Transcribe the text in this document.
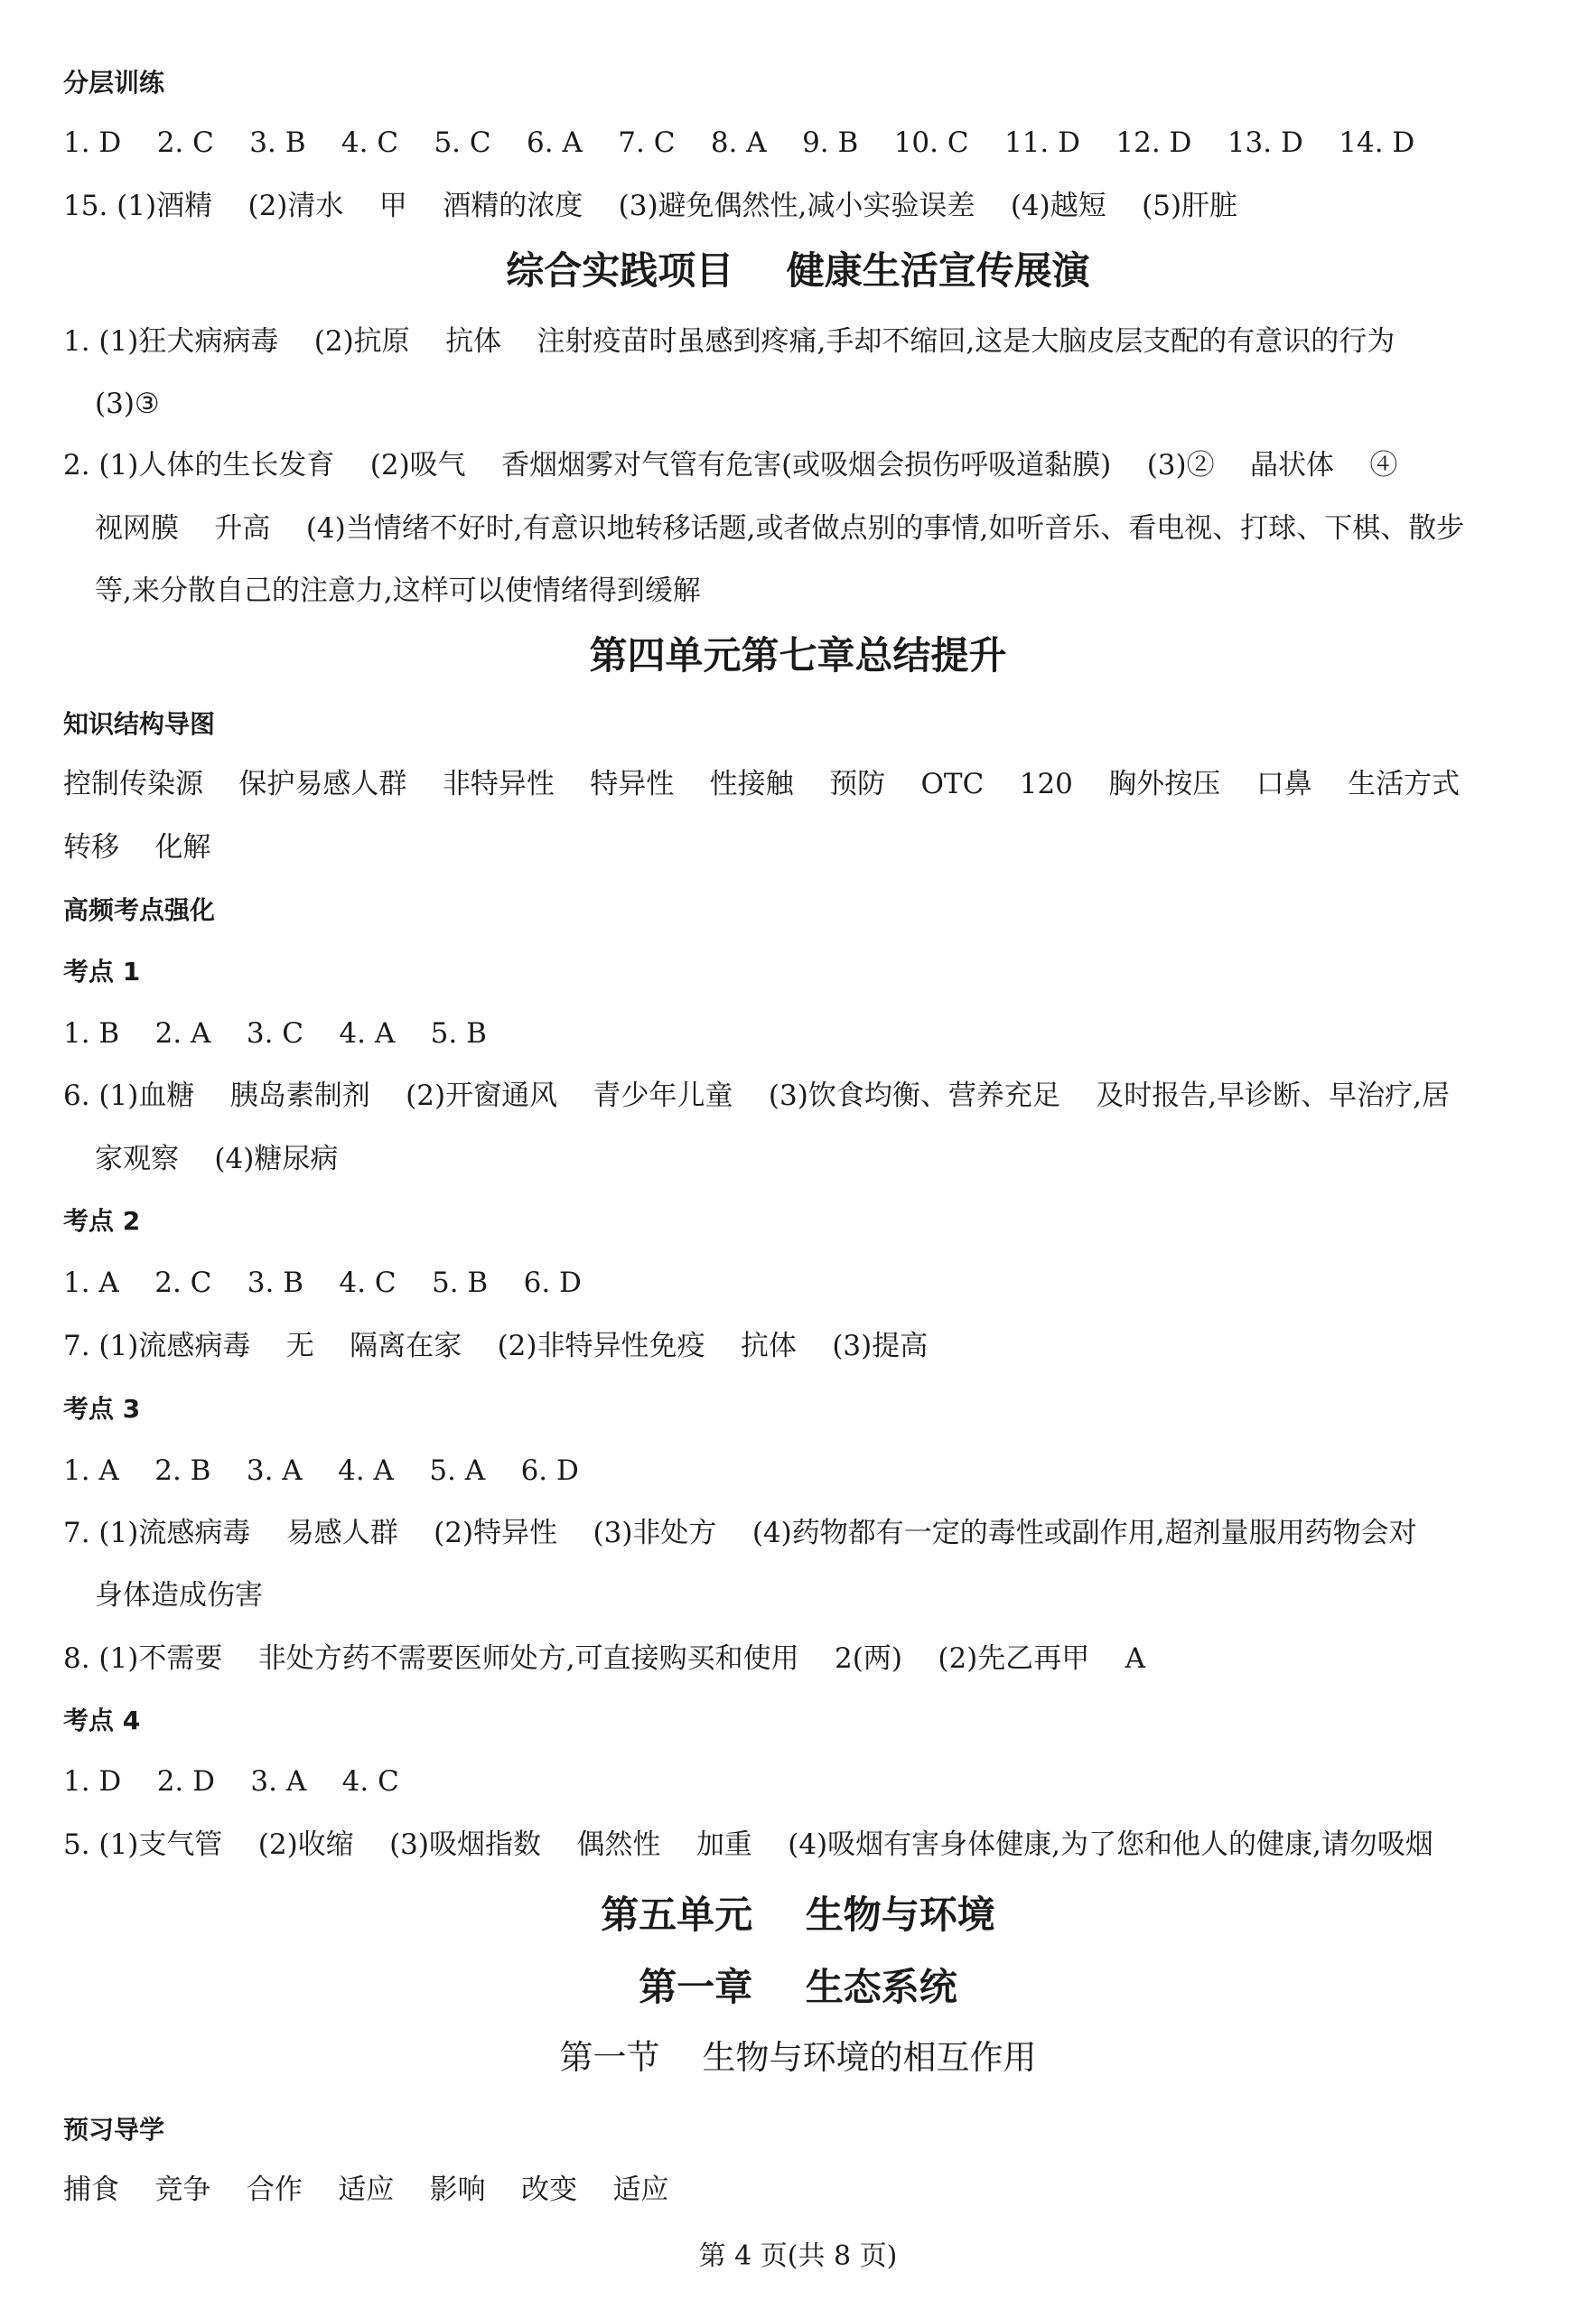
分层训练
1. D    2. C    3. B    4. C    5. C    6. A    7. C    8. A    9. B    10. C    11. D    12. D    13. D    14. D
15. (1)酒精    (2)清水    甲    酒精的浓度    (3)避免偶然性,减小实验误差    (4)越短    (5)肝脏
综合实践项目    健康生活宣传展演
1. (1)狂犬病病毒    (2)抗原    抗体    注射疫苗时虽感到疼痛,手却不缩回,这是大脑皮层支配的有意识的行为
(3)③
2. (1)人体的生长发育    (2)吸气    香烟烟雾对气管有危害(或吸烟会损伤呼吸道黏膜)    (3)②    晶状体    ④
视网膜    升高    (4)当情绪不好时,有意识地转移话题,或者做点别的事情,如听音乐、看电视、打球、下棋、散步
等,来分散自己的注意力,这样可以使情绪得到缓解
第四单元第七章总结提升
知识结构导图
控制传染源    保护易感人群    非特异性    特异性    性接触    预防    OTC    120    胸外按压    口鼻    生活方式
转移    化解
高频考点强化
考点 1
1. B    2. A    3. C    4. A    5. B
6. (1)血糖    胰岛素制剂    (2)开窗通风    青少年儿童    (3)饮食均衡、营养充足    及时报告,早诊断、早治疗,居
家观察    (4)糖尿病
考点 2
1. A    2. C    3. B    4. C    5. B    6. D
7. (1)流感病毒    无    隔离在家    (2)非特异性免疫    抗体    (3)提高
考点 3
1. A    2. B    3. A    4. A    5. A    6. D
7. (1)流感病毒    易感人群    (2)特异性    (3)非处方    (4)药物都有一定的毒性或副作用,超剂量服用药物会对
身体造成伤害
8. (1)不需要    非处方药不需要医师处方,可直接购买和使用    2(两)    (2)先乙再甲    A
考点 4
1. D    2. D    3. A    4. C
5. (1)支气管    (2)收缩    (3)吸烟指数    偶然性    加重    (4)吸烟有害身体健康,为了您和他人的健康,请勿吸烟
第五单元    生物与环境
第一章    生态系统
第一节    生物与环境的相互作用
预习导学
捕食    竞争    合作    适应    影响    改变    适应
第 4 页(共 8 页)
